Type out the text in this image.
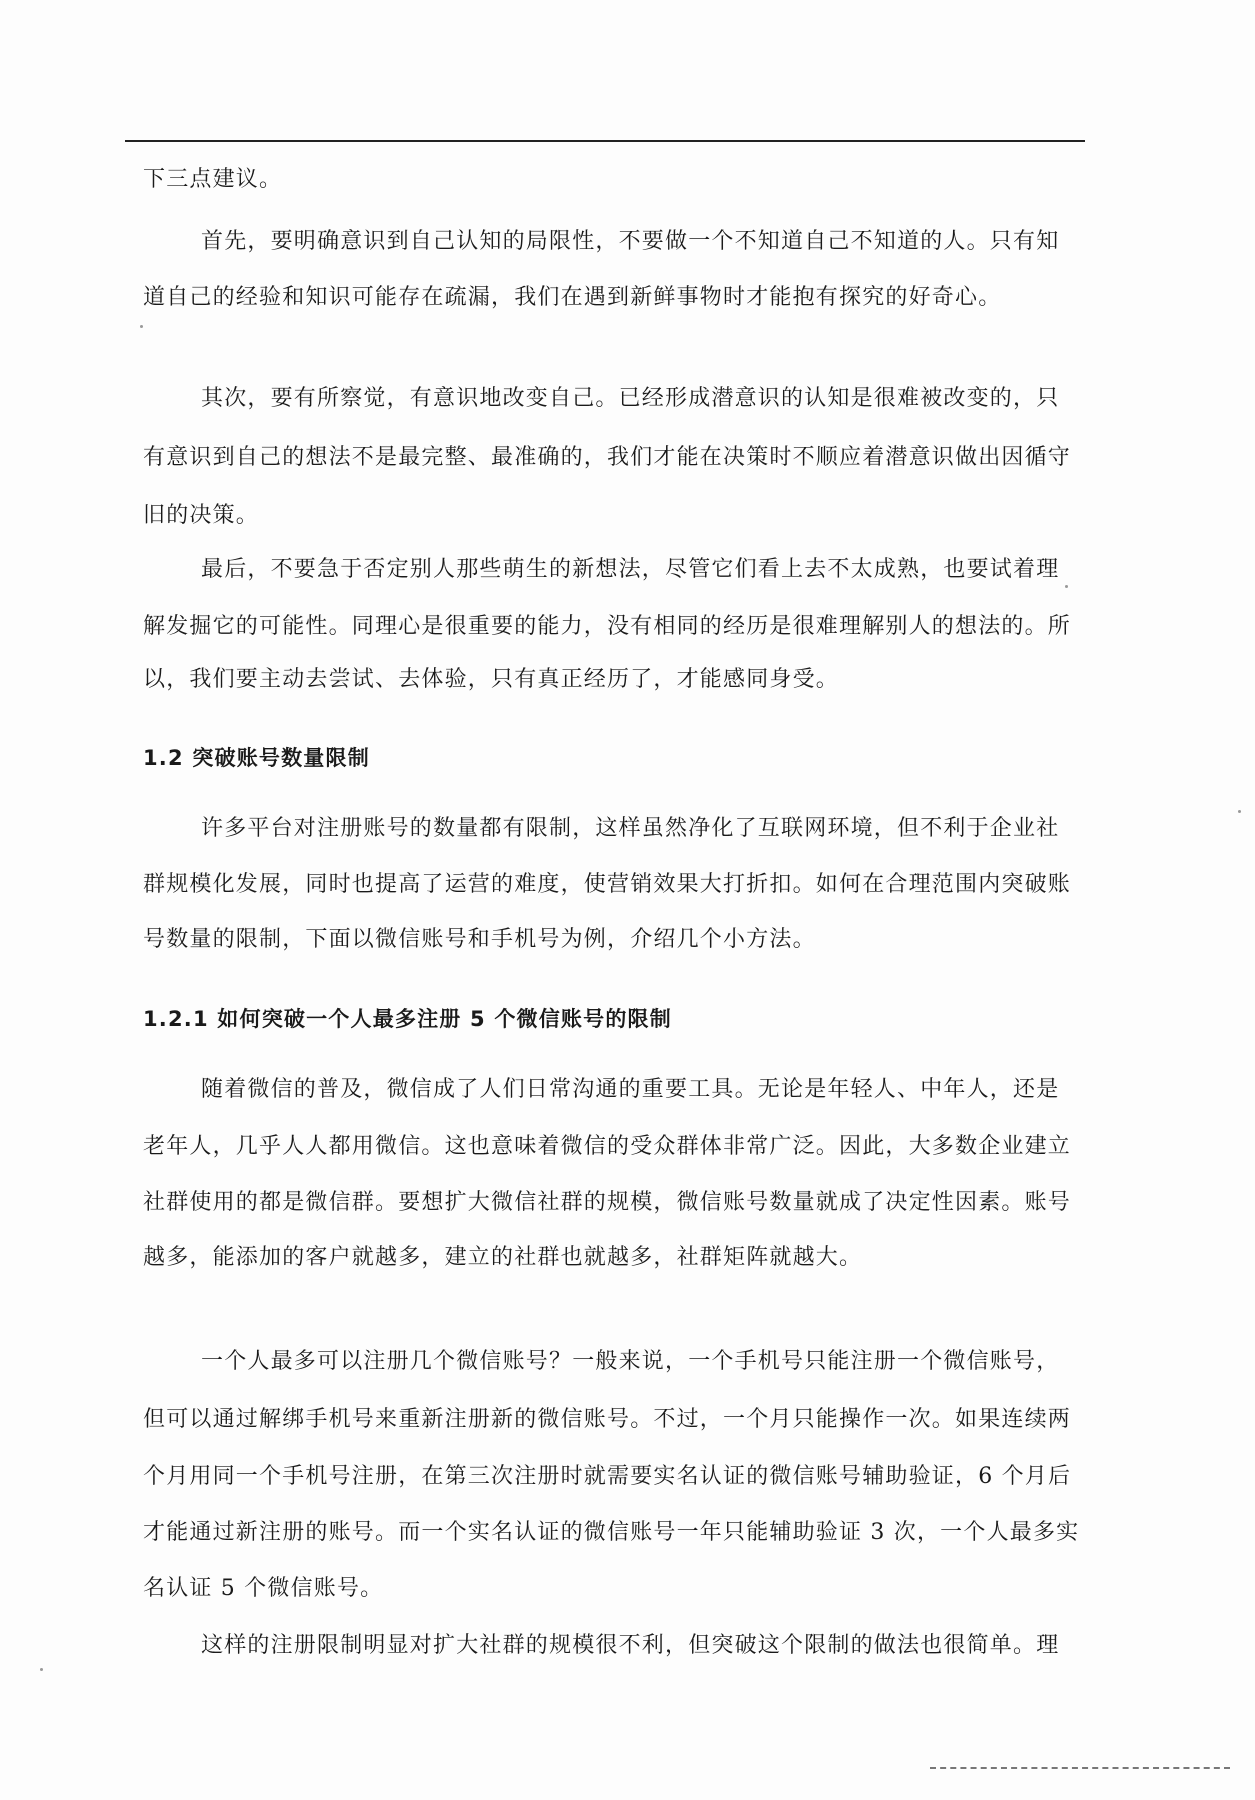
下三点建议。
首先，要明确意识到自己认知的局限性，不要做一个不知道自己不知道的人。只有知
道自己的经验和知识可能存在疏漏，我们在遇到新鲜事物时才能抱有探究的好奇心。
其次，要有所察觉，有意识地改变自己。已经形成潜意识的认知是很难被改变的，只
有意识到自己的想法不是最完整、最准确的，我们才能在决策时不顺应着潜意识做出因循守
旧的决策。
最后，不要急于否定别人那些萌生的新想法，尽管它们看上去不太成熟，也要试着理
解发掘它的可能性。同理心是很重要的能力，没有相同的经历是很难理解别人的想法的。所
以，我们要主动去尝试、去体验，只有真正经历了，才能感同身受。
1.2 突破账号数量限制
许多平台对注册账号的数量都有限制，这样虽然净化了互联网环境，但不利于企业社
群规模化发展，同时也提高了运营的难度，使营销效果大打折扣。如何在合理范围内突破账
号数量的限制，下面以微信账号和手机号为例，介绍几个小方法。
1.2.1 如何突破一个人最多注册 5 个微信账号的限制
随着微信的普及，微信成了人们日常沟通的重要工具。无论是年轻人、中年人，还是
老年人，几乎人人都用微信。这也意味着微信的受众群体非常广泛。因此，大多数企业建立
社群使用的都是微信群。要想扩大微信社群的规模，微信账号数量就成了决定性因素。账号
越多，能添加的客户就越多，建立的社群也就越多，社群矩阵就越大。
一个人最多可以注册几个微信账号？一般来说，一个手机号只能注册一个微信账号，
但可以通过解绑手机号来重新注册新的微信账号。不过，一个月只能操作一次。如果连续两
个月用同一个手机号注册，在第三次注册时就需要实名认证的微信账号辅助验证，6 个月后
才能通过新注册的账号。而一个实名认证的微信账号一年只能辅助验证 3 次，一个人最多实
名认证 5 个微信账号。
这样的注册限制明显对扩大社群的规模很不利，但突破这个限制的做法也很简单。理
